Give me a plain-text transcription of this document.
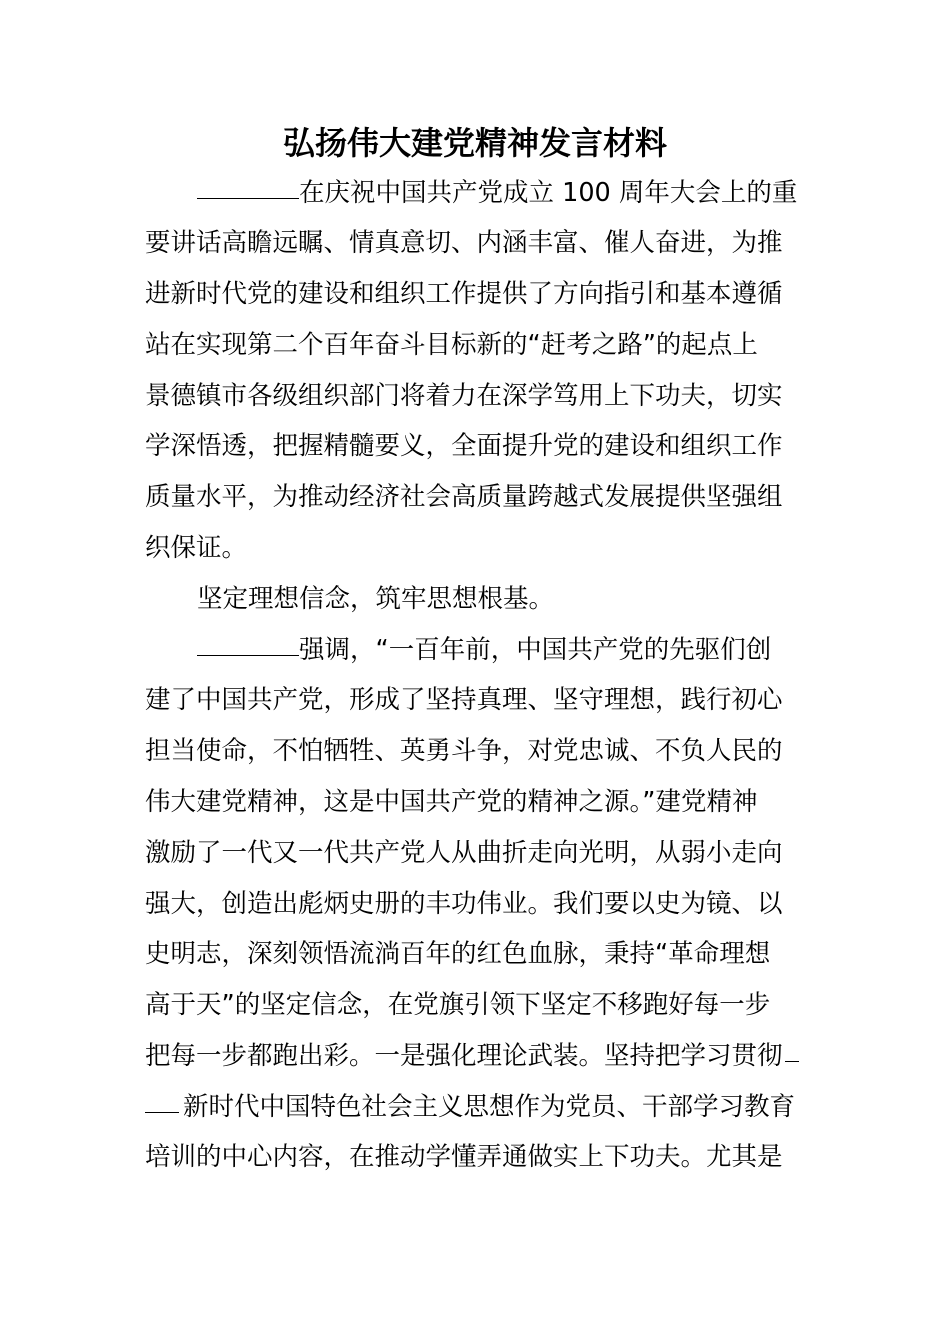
弘扬伟大建党精神发言材料
在庆祝中国共产党成立 100 周年大会上的重
要讲话高瞻远瞩、情真意切、内涵丰富、催人奋进，为推
进新时代党的建设和组织工作提供了方向指引和基本遵循
站在实现第二个百年奋斗目标新的“赶考之路”的起点上
景德镇市各级组织部门将着力在深学笃用上下功夫，切实
学深悟透，把握精髓要义，全面提升党的建设和组织工作
质量水平，为推动经济社会高质量跨越式发展提供坚强组
织保证。
坚定理想信念，筑牢思想根基。
强调，“一百年前，中国共产党的先驱们创
建了中国共产党，形成了坚持真理、坚守理想，践行初心
担当使命，不怕牺牲、英勇斗争，对党忠诚、不负人民的
伟大建党精神，这是中国共产党的精神之源。”建党精神
激励了一代又一代共产党人从曲折走向光明，从弱小走向
强大，创造出彪炳史册的丰功伟业。我们要以史为镜、以
史明志，深刻领悟流淌百年的红色血脉，秉持“革命理想
高于天”的坚定信念，在党旗引领下坚定不移跑好每一步
把每一步都跑出彩。一是强化理论武装。坚持把学习贯彻
新时代中国特色社会主义思想作为党员、干部学习教育
培训的中心内容，在推动学懂弄通做实上下功夫。尤其是
